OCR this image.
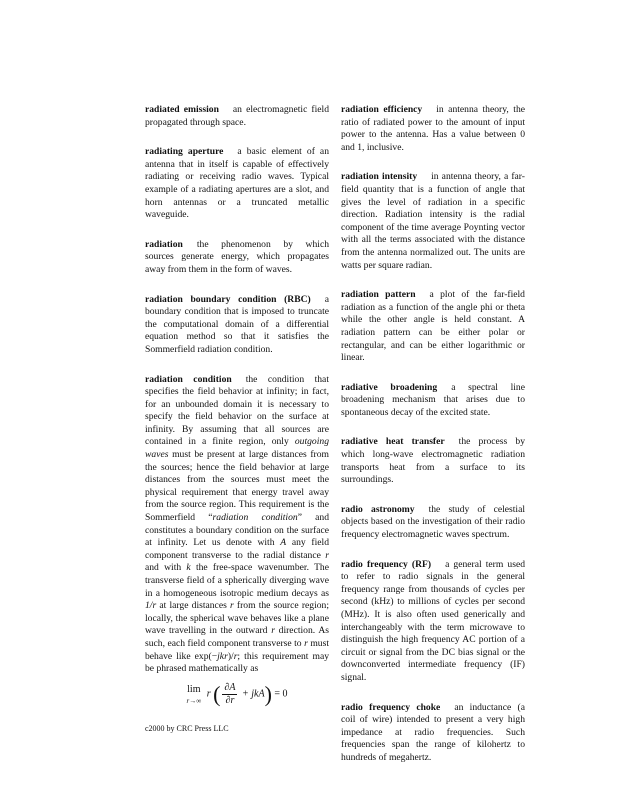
radiated emission an electromagnetic field propagated through space.

radiating aperture a basic element of an antenna that in itself is capable of effectively radiating or receiving radio waves. Typical example of a radiating apertures are a slot, and horn antennas or a truncated metallic waveguide.

radiation the phenomenon by which sources generate energy, which propagates away from them in the form of waves.

radiation boundary condition (RBC) a boundary condition that is imposed to truncate the computational domain of a differential equation method so that it satisfies the Sommerfield radiation condition.

radiation condition the condition that specifies the field behavior at infinity; in fact, for an unbounded domain it is necessary to specify the field behavior on the surface at infinity. By assuming that all sources are contained in a finite region, only outgoing waves must be present at large distances from the sources; hence the field behavior at large distances from the sources must meet the physical requirement that energy travel away from the source region. This requirement is the Sommerfield “radiation condition” and constitutes a boundary condition on the surface at infinity. Let us denote with A any field component transverse to the radial distance r and with k the free-space wavenumber. The transverse field of a spherically diverging wave in a homogeneous isotropic medium decays as 1/r at large distances r from the source region; locally, the spherical wave behaves like a plane wave travelling in the outward r direction. As such, each field component transverse to r must behave like exp(−jkr)/r; this requirement may be phrased mathematically as
lim
r→∞
r ( $\frac{\partial A}{\partial r} + jkA) = 0$

radiation efficiency in antenna theory, the ratio of radiated power to the amount of input power to the antenna. Has a value between 0 and 1, inclusive.

radiation intensity in antenna theory, a far-field quantity that is a function of angle that gives the level of radiation in a specific direction. Radiation intensity is the radial component of the time average Poynting vector with all the terms associated with the distance from the antenna normalized out. The units are watts per square radian.

radiation pattern a plot of the far-field radiation as a function of the angle phi or theta while the other angle is held constant. A radiation pattern can be either polar or rectangular, and can be either logarithmic or linear.

radiative broadening a spectral line broadening mechanism that arises due to spontaneous decay of the excited state.

radiative heat transfer the process by which long-wave electromagnetic radiation transports heat from a surface to its surroundings.

radio astronomy the study of celestial objects based on the investigation of their radio frequency electromagnetic waves spectrum.

radio frequency (RF) a general term used to refer to radio signals in the general frequency range from thousands of cycles per second (kHz) to millions of cycles per second (MHz). It is also often used generically and interchangeably with the term microwave to distinguish the high frequency AC portion of a circuit or signal from the DC bias signal or the downconverted intermediate frequency (IF) signal.

radio frequency choke an inductance (a coil of wire) intended to present a very high impedance at radio frequencies. Such frequencies span the range of kilohertz to hundreds of megahertz.

c2000 by CRC Press LLC
